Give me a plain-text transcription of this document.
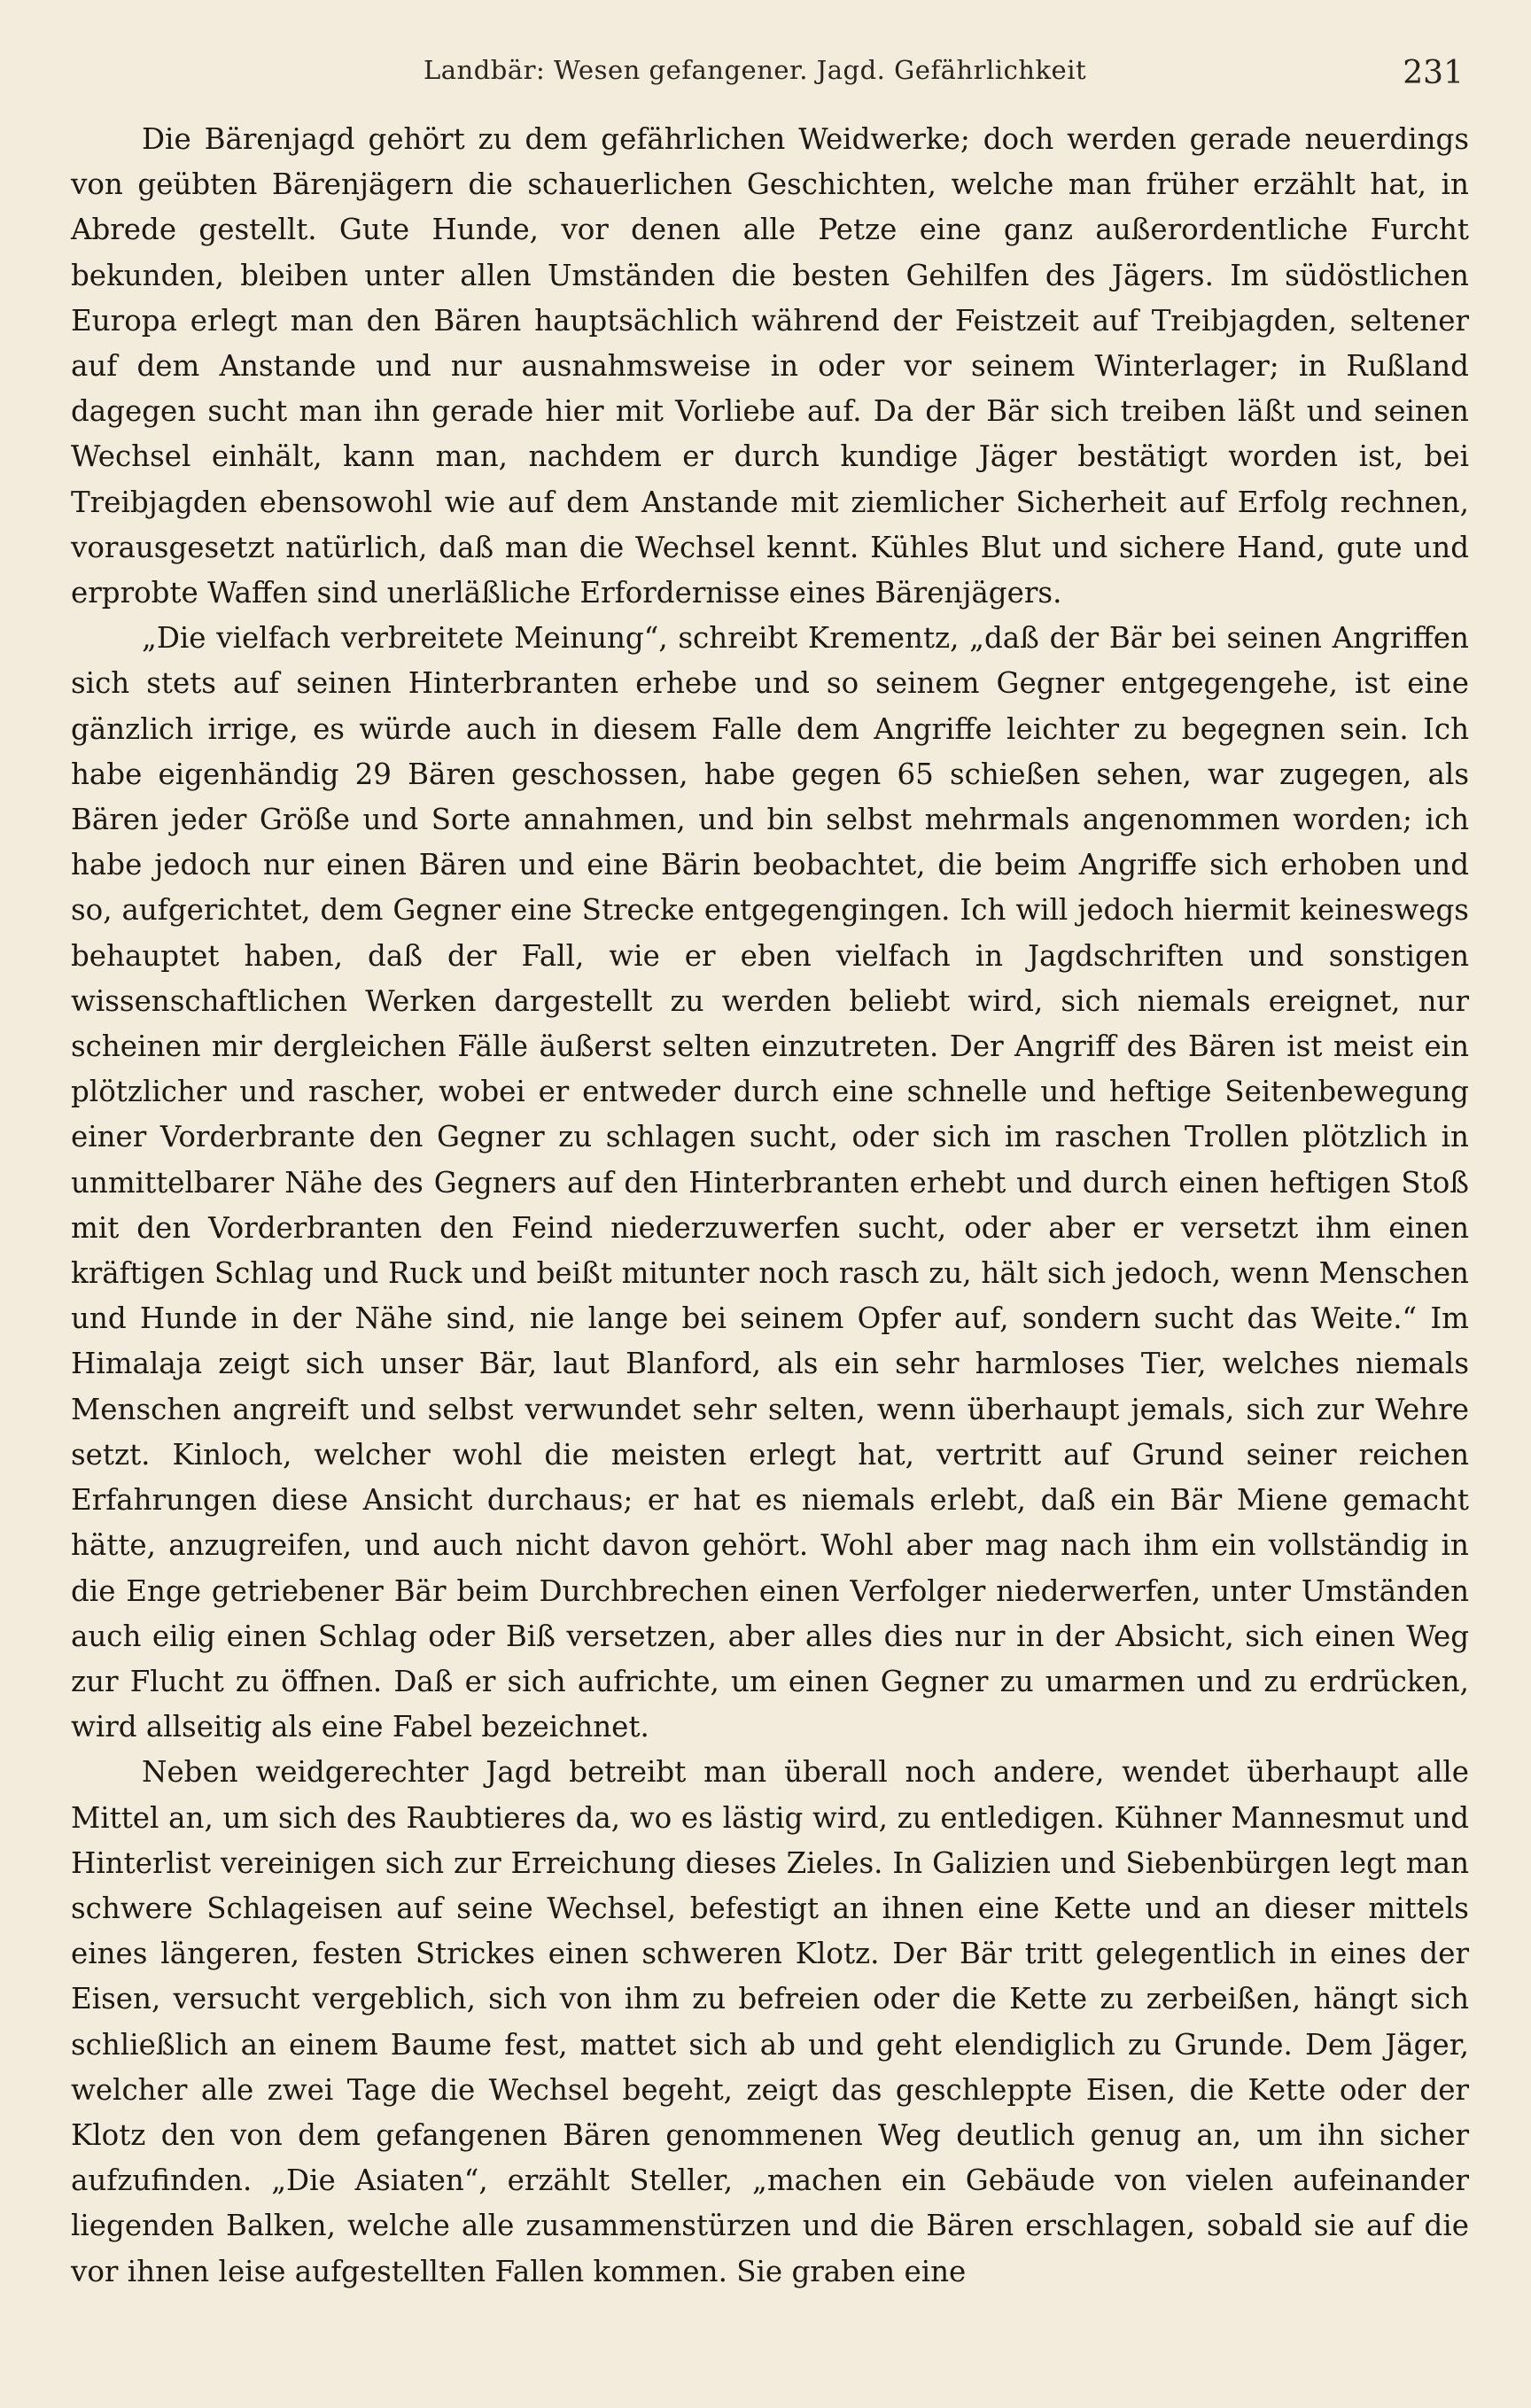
Landbär: Wesen gefangener. Jagd. Gefährlichkeit	231

Die Bärenjagd gehört zu dem gefährlichen Weidwerke; doch werden gerade neuerdings von geübten Bärenjägern die schauerlichen Geschichten, welche man früher erzählt hat, in Abrede gestellt. Gute Hunde, vor denen alle Petze eine ganz außerordentliche Furcht bekunden, bleiben unter allen Umständen die besten Gehilfen des Jägers. Im südöstlichen Europa erlegt man den Bären hauptsächlich während der Feistzeit auf Treibjagden, seltener auf dem Anstande und nur ausnahmsweise in oder vor seinem Winterlager; in Rußland dagegen sucht man ihn gerade hier mit Vorliebe auf. Da der Bär sich treiben läßt und seinen Wechsel einhält, kann man, nachdem er durch kundige Jäger bestätigt worden ist, bei Treibjagden ebensowohl wie auf dem Anstande mit ziemlicher Sicherheit auf Erfolg rechnen, vorausgesetzt natürlich, daß man die Wechsel kennt. Kühles Blut und sichere Hand, gute und erprobte Waffen sind unerläßliche Erfordernisse eines Bärenjägers.

„Die vielfach verbreitete Meinung“, schreibt Krementz, „daß der Bär bei seinen Angriffen sich stets auf seinen Hinterbranten erhebe und so seinem Gegner entgegengehe, ist eine gänzlich irrige, es würde auch in diesem Falle dem Angriffe leichter zu begegnen sein. Ich habe eigenhändig 29 Bären geschossen, habe gegen 65 schießen sehen, war zugegen, als Bären jeder Größe und Sorte annahmen, und bin selbst mehrmals angenommen worden; ich habe jedoch nur einen Bären und eine Bärin beobachtet, die beim Angriffe sich erhoben und so, aufgerichtet, dem Gegner eine Strecke entgegengingen. Ich will jedoch hiermit keineswegs behauptet haben, daß der Fall, wie er eben vielfach in Jagdschriften und sonstigen wissenschaftlichen Werken dargestellt zu werden beliebt wird, sich niemals ereignet, nur scheinen mir dergleichen Fälle äußerst selten einzutreten. Der Angriff des Bären ist meist ein plötzlicher und rascher, wobei er entweder durch eine schnelle und heftige Seitenbewegung einer Vorderbrante den Gegner zu schlagen sucht, oder sich im raschen Trollen plötzlich in unmittelbarer Nähe des Gegners auf den Hinterbranten erhebt und durch einen heftigen Stoß mit den Vorderbranten den Feind niederzuwerfen sucht, oder aber er versetzt ihm einen kräftigen Schlag und Ruck und beißt mitunter noch rasch zu, hält sich jedoch, wenn Menschen und Hunde in der Nähe sind, nie lange bei seinem Opfer auf, sondern sucht das Weite.“ Im Himalaja zeigt sich unser Bär, laut Blanford, als ein sehr harmloses Tier, welches niemals Menschen angreift und selbst verwundet sehr selten, wenn überhaupt jemals, sich zur Wehre setzt. Kinloch, welcher wohl die meisten erlegt hat, vertritt auf Grund seiner reichen Erfahrungen diese Ansicht durchaus; er hat es niemals erlebt, daß ein Bär Miene gemacht hätte, anzugreifen, und auch nicht davon gehört. Wohl aber mag nach ihm ein vollständig in die Enge getriebener Bär beim Durchbrechen einen Verfolger niederwerfen, unter Umständen auch eilig einen Schlag oder Biß versetzen, aber alles dies nur in der Absicht, sich einen Weg zur Flucht zu öffnen. Daß er sich aufrichte, um einen Gegner zu umarmen und zu erdrücken, wird allseitig als eine Fabel bezeichnet.

Neben weidgerechter Jagd betreibt man überall noch andere, wendet überhaupt alle Mittel an, um sich des Raubtieres da, wo es lästig wird, zu entledigen. Kühner Mannesmut und Hinterlist vereinigen sich zur Erreichung dieses Zieles. In Galizien und Siebenbürgen legt man schwere Schlageisen auf seine Wechsel, befestigt an ihnen eine Kette und an dieser mittels eines längeren, festen Strickes einen schweren Klotz. Der Bär tritt gelegentlich in eines der Eisen, versucht vergeblich, sich von ihm zu befreien oder die Kette zu zerbeißen, hängt sich schließlich an einem Baume fest, mattet sich ab und geht elendiglich zu Grunde. Dem Jäger, welcher alle zwei Tage die Wechsel begeht, zeigt das geschleppte Eisen, die Kette oder der Klotz den von dem gefangenen Bären genommenen Weg deutlich genug an, um ihn sicher aufzufinden. „Die Asiaten“, erzählt Steller, „machen ein Gebäude von vielen aufeinander liegenden Balken, welche alle zusammenstürzen und die Bären erschlagen, sobald sie auf die vor ihnen leise aufgestellten Fallen kommen. Sie graben eine
